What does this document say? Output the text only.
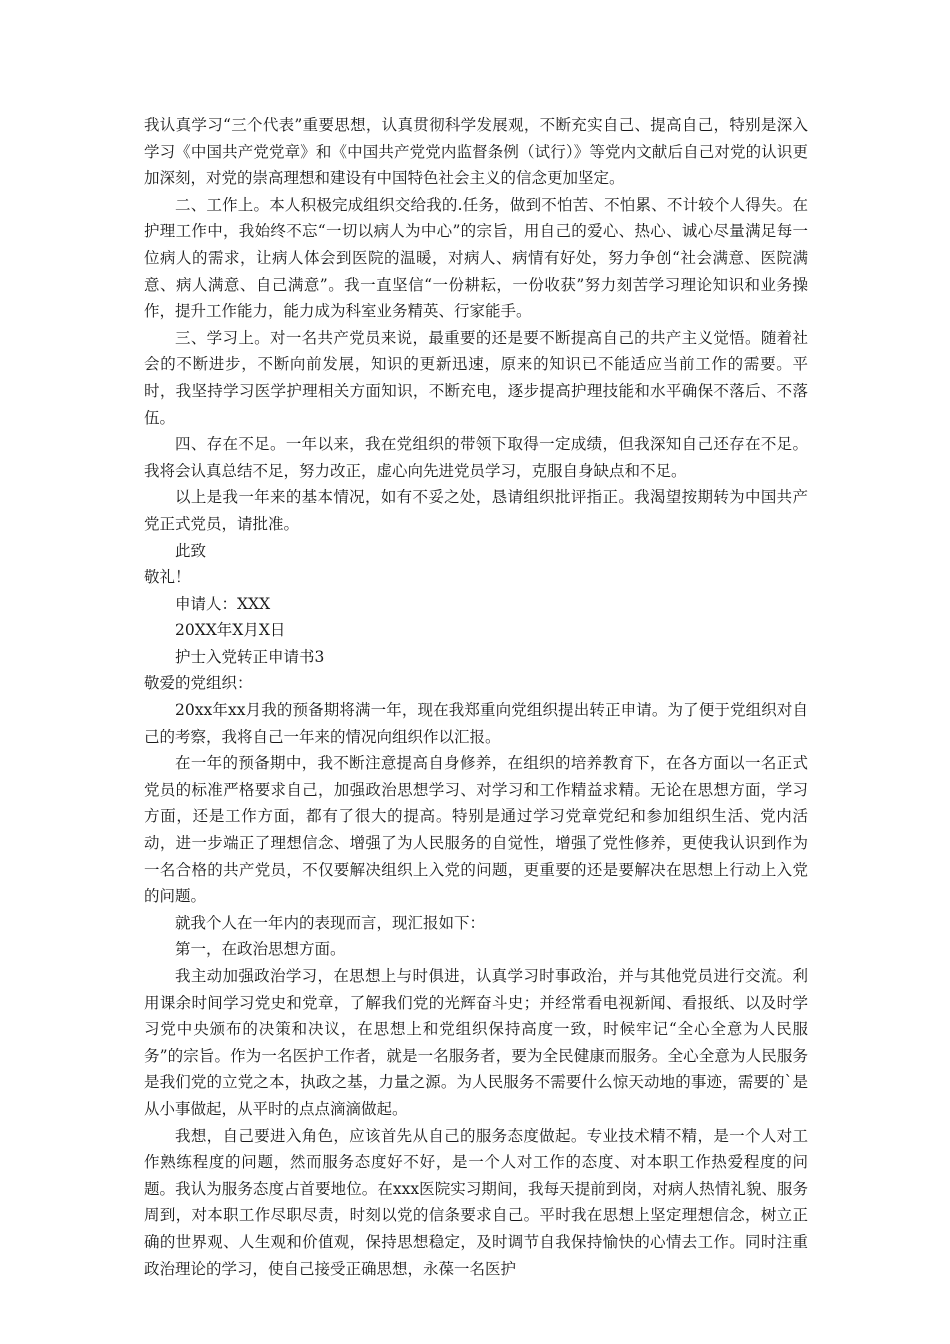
我认真学习“三个代表”重要思想，认真贯彻科学发展观，不断充实自己、提高自己，特别是深入学习《中国共产党党章》和《中国共产党党内监督条例（试行）》等党内文献后自己对党的认识更加深刻，对党的崇高理想和建设有中国特色社会主义的信念更加坚定。

二、工作上。本人积极完成组织交给我的.任务，做到不怕苦、不怕累、不计较个人得失。在护理工作中，我始终不忘“一切以病人为中心”的宗旨，用自己的爱心、热心、诚心尽量满足每一位病人的需求，让病人体会到医院的温暖，对病人、病情有好处，努力争创“社会满意、医院满意、病人满意、自己满意”。我一直坚信“一份耕耘，一份收获”努力刻苦学习理论知识和业务操作，提升工作能力，能力成为科室业务精英、行家能手。

三、学习上。对一名共产党员来说，最重要的还是要不断提高自己的共产主义觉悟。随着社会的不断进步，不断向前发展，知识的更新迅速，原来的知识已不能适应当前工作的需要。平时，我坚持学习医学护理相关方面知识，不断充电，逐步提高护理技能和水平确保不落后、不落伍。

四、存在不足。一年以来，我在党组织的带领下取得一定成绩，但我深知自己还存在不足。我将会认真总结不足，努力改正，虚心向先进党员学习，克服自身缺点和不足。

以上是我一年来的基本情况，如有不妥之处，恳请组织批评指正。我渴望按期转为中国共产党正式党员，请批准。

此致

敬礼！

申请人：XXX

20XX年X月X日

护士入党转正申请书3

敬爱的党组织：

20xx年xx月我的预备期将满一年，现在我郑重向党组织提出转正申请。为了便于党组织对自己的考察，我将自己一年来的情况向组织作以汇报。

在一年的预备期中，我不断注意提高自身修养，在组织的培养教育下，在各方面以一名正式党员的标准严格要求自己，加强政治思想学习、对学习和工作精益求精。无论在思想方面，学习方面，还是工作方面，都有了很大的提高。特别是通过学习党章党纪和参加组织生活、党内活动，进一步端正了理想信念、增强了为人民服务的自觉性，增强了党性修养，更使我认识到作为一名合格的共产党员，不仅要解决组织上入党的问题，更重要的还是要解决在思想上行动上入党的问题。

就我个人在一年内的表现而言，现汇报如下：

第一，在政治思想方面。

我主动加强政治学习，在思想上与时俱进，认真学习时事政治，并与其他党员进行交流。利用课余时间学习党史和党章，了解我们党的光辉奋斗史；并经常看电视新闻、看报纸、以及时学习党中央颁布的决策和决议，在思想上和党组织保持高度一致，时候牢记“全心全意为人民服务”的宗旨。作为一名医护工作者，就是一名服务者，要为全民健康而服务。全心全意为人民服务是我们党的立党之本，执政之基，力量之源。为人民服务不需要什么惊天动地的事迹，需要的`是从小事做起，从平时的点点滴滴做起。

我想，自己要进入角色，应该首先从自己的服务态度做起。专业技术精不精，是一个人对工作熟练程度的问题，然而服务态度好不好，是一个人对工作的态度、对本职工作热爱程度的问题。我认为服务态度占首要地位。在xxx医院实习期间，我每天提前到岗，对病人热情礼貌、服务周到，对本职工作尽职尽责，时刻以党的信条要求自己。平时我在思想上坚定理想信念，树立正确的世界观、人生观和价值观，保持思想稳定，及时调节自我保持愉快的心情去工作。同时注重政治理论的学习，使自己接受正确思想，永葆一名医护
